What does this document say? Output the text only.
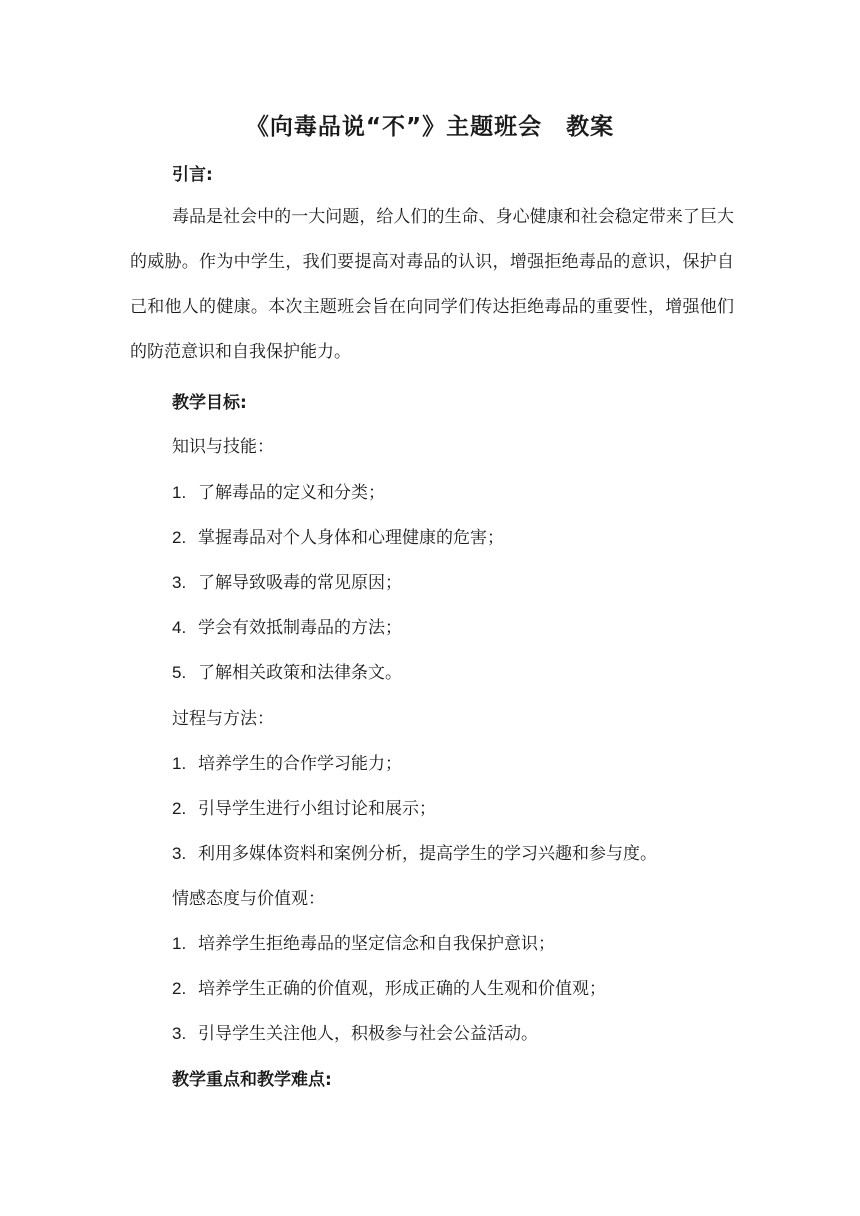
《向毒品说“不”》主题班会　教案
引言:
毒品是社会中的一大问题，给人们的生命、身心健康和社会稳定带来了巨大的威胁。作为中学生，我们要提高对毒品的认识，增强拒绝毒品的意识，保护自己和他人的健康。本次主题班会旨在向同学们传达拒绝毒品的重要性，增强他们的防范意识和自我保护能力。
教学目标:
知识与技能：
1. 了解毒品的定义和分类；
2. 掌握毒品对个人身体和心理健康的危害；
3. 了解导致吸毒的常见原因；
4. 学会有效抵制毒品的方法；
5. 了解相关政策和法律条文。
过程与方法：
1. 培养学生的合作学习能力；
2. 引导学生进行小组讨论和展示；
3. 利用多媒体资料和案例分析，提高学生的学习兴趣和参与度。
情感态度与价值观：
1. 培养学生拒绝毒品的坚定信念和自我保护意识；
2. 培养学生正确的价值观，形成正确的人生观和价值观；
3. 引导学生关注他人，积极参与社会公益活动。
教学重点和教学难点:
